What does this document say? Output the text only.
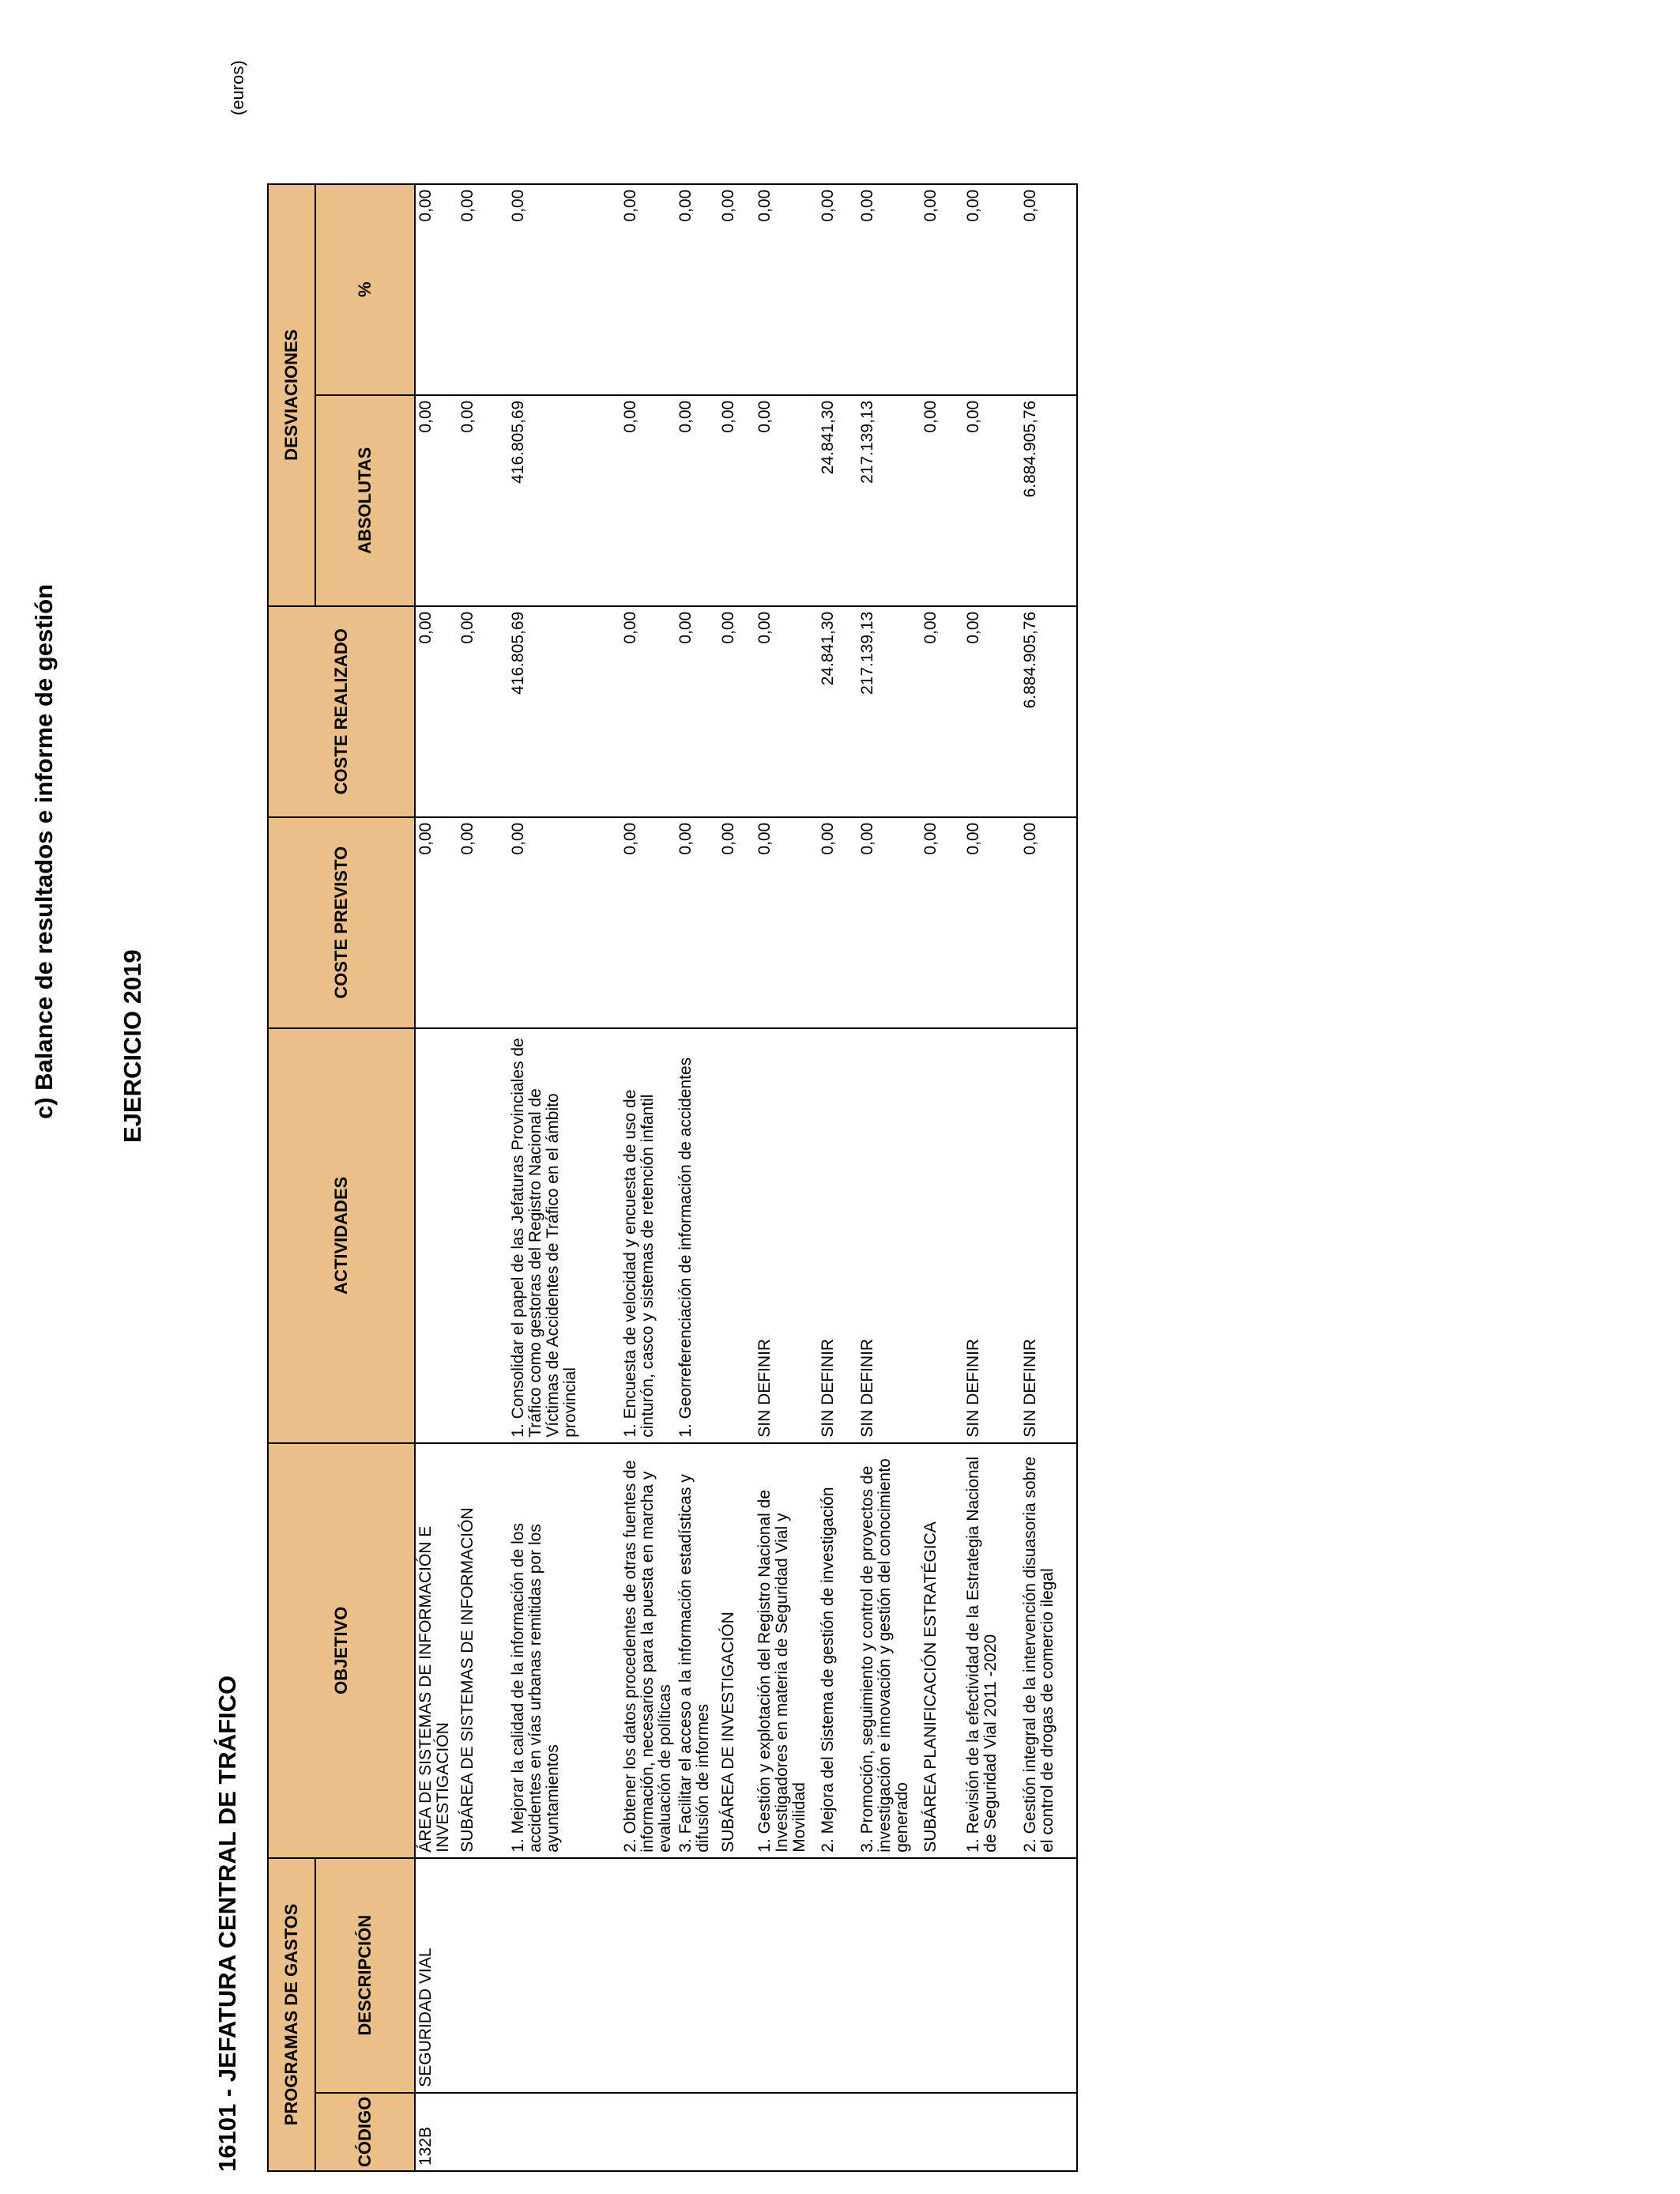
c) Balance de resultados e informe de gestión EJERCICIO 2019
16101 - JEFATURA CENTRAL DE TRÁFICO
(euros)
PROGRAMAS DE GASTOS		OBJETIVO	ACTIVIDADES	COSTE PREVISTO	COSTE REALIZADO	DESVIACIONES	
CÓDIGO	DESCRIPCIÓN					ABSOLUTAS	%
132B	SEGURIDAD VIAL	ÁREA DE SISTEMAS DE INFORMACIÓN E INVESTIGACIÓN		0,00	0,00	0,00	0,00
		SUBÁREA DE SISTEMAS DE INFORMACIÓN		0,00	0,00	0,00	0,00
		1. Mejorar la calidad de la información de los accidentes en vías urbanas remitidas por los ayuntamientos	1. Consolidar el papel de las Jefaturas Provinciales de Tráfico como gestoras del Registro Nacional de Víctimas de Accidentes de Tráfico en el ámbito provincial	0,00	416.805,69	416.805,69	0,00
		2. Obtener los datos procedentes de otras fuentes de información, necesarios para la puesta en marcha y evaluación de políticas	1. Encuesta de velocidad y encuesta de uso de cinturón, casco y sistemas de retención infantil	0,00	0,00	0,00	0,00
		3. Facilitar el acceso a la información estadísticas y difusión de informes	1. Georreferenciación de información de accidentes	0,00	0,00	0,00	0,00
		SUBÁREA DE INVESTIGACIÓN		0,00	0,00	0,00	0,00
		1. Gestión y explotación del Registro Nacional de Investigadores en materia de Seguridad Vial y Movilidad	SIN DEFINIR	0,00	0,00	0,00	0,00
		2. Mejora del Sistema de gestión de investigación	SIN DEFINIR	0,00	24.841,30	24.841,30	0,00
		3. Promoción, seguimiento y control de proyectos de investigación e innovación y gestión del conocimiento generado	SIN DEFINIR	0,00	217.139,13	217.139,13	0,00
		SUBÁREA PLANIFICACIÓN ESTRATÉGICA		0,00	0,00	0,00	0,00
		1. Revisión de la efectividad de la Estrategia Nacional de Seguridad Vial 2011 -2020	SIN DEFINIR	0,00	0,00	0,00	0,00
		2. Gestión integral de la intervención disuasoria sobre el control de drogas de comercio ilegal	SIN DEFINIR	0,00	6.884.905,76	6.884.905,76	0,00
